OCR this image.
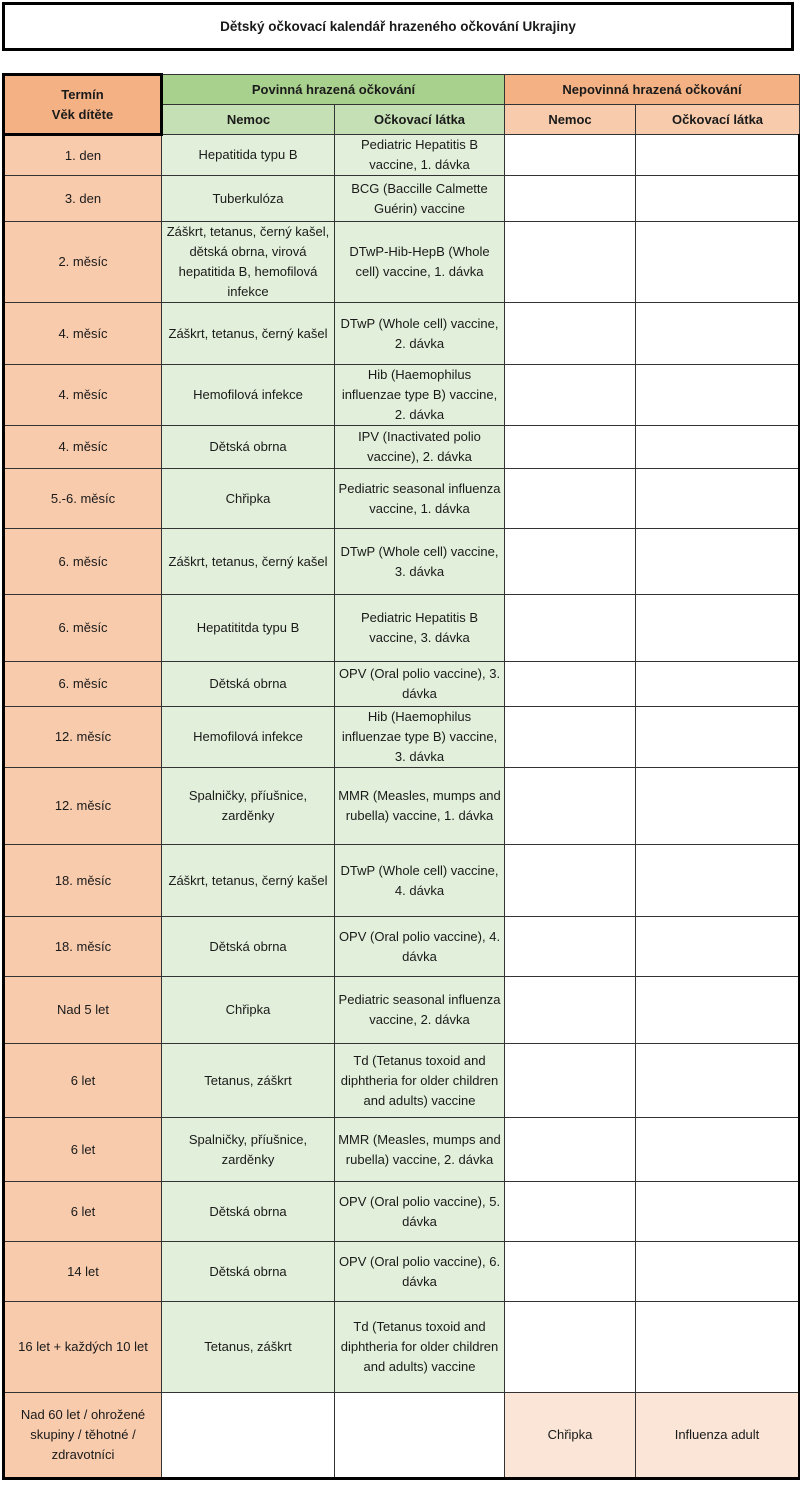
Dětský očkovací kalendář hrazeného očkování Ukrajiny
Termín
Věk dítěte	Povinná hrazená očkování		Nepovinná hrazená očkování	
	Nemoc	Očkovací látka	Nemoc	Očkovací látka
1. den	Hepatitida typu B	Pediatric Hepatitis B vaccine, 1. dávka		
3. den	Tuberkulóza	BCG (Baccille Calmette Guérin) vaccine		
2. měsíc	Záškrt, tetanus, černý kašel, dětská obrna, virová hepatitida B, hemofilová infekce	DTwP-Hib-HepB (Whole cell) vaccine, 1. dávka		
4. měsíc	Záškrt, tetanus, černý kašel	DTwP (Whole cell) vaccine, 2. dávka		
4. měsíc	Hemofilová infekce	Hib (Haemophilus influenzae type B) vaccine, 2. dávka		
4. měsíc	Dětská obrna	IPV (Inactivated polio vaccine), 2. dávka		
5.-6. měsíc	Chřipka	Pediatric seasonal influenza vaccine, 1. dávka		
6. měsíc	Záškrt, tetanus, černý kašel	DTwP (Whole cell) vaccine, 3. dávka		
6. měsíc	Hepatititda typu B	Pediatric Hepatitis B vaccine, 3. dávka		
6. měsíc	Dětská obrna	OPV (Oral polio vaccine), 3. dávka		
12. měsíc	Hemofilová infekce	Hib (Haemophilus influenzae type B) vaccine, 3. dávka		
12. měsíc	Spalničky, příušnice, zarděnky	MMR (Measles, mumps and rubella) vaccine, 1. dávka		
18. měsíc	Záškrt, tetanus, černý kašel	DTwP (Whole cell) vaccine, 4. dávka		
18. měsíc	Dětská obrna	OPV (Oral polio vaccine), 4. dávka		
Nad 5 let	Chřipka	Pediatric seasonal influenza vaccine, 2. dávka		
6 let	Tetanus, záškrt	Td (Tetanus toxoid and diphtheria for older children and adults) vaccine		
6 let	Spalničky, příušnice, zarděnky	MMR (Measles, mumps and rubella) vaccine, 2. dávka		
6 let	Dětská obrna	OPV (Oral polio vaccine), 5. dávka		
14 let	Dětská obrna	OPV (Oral polio vaccine), 6. dávka		
16 let + každých 10 let	Tetanus, záškrt	Td (Tetanus toxoid and diphtheria for older children and adults) vaccine		
Nad 60 let / ohrožené skupiny / těhotné / zdravotníci			Chřipka	Influenza adult
